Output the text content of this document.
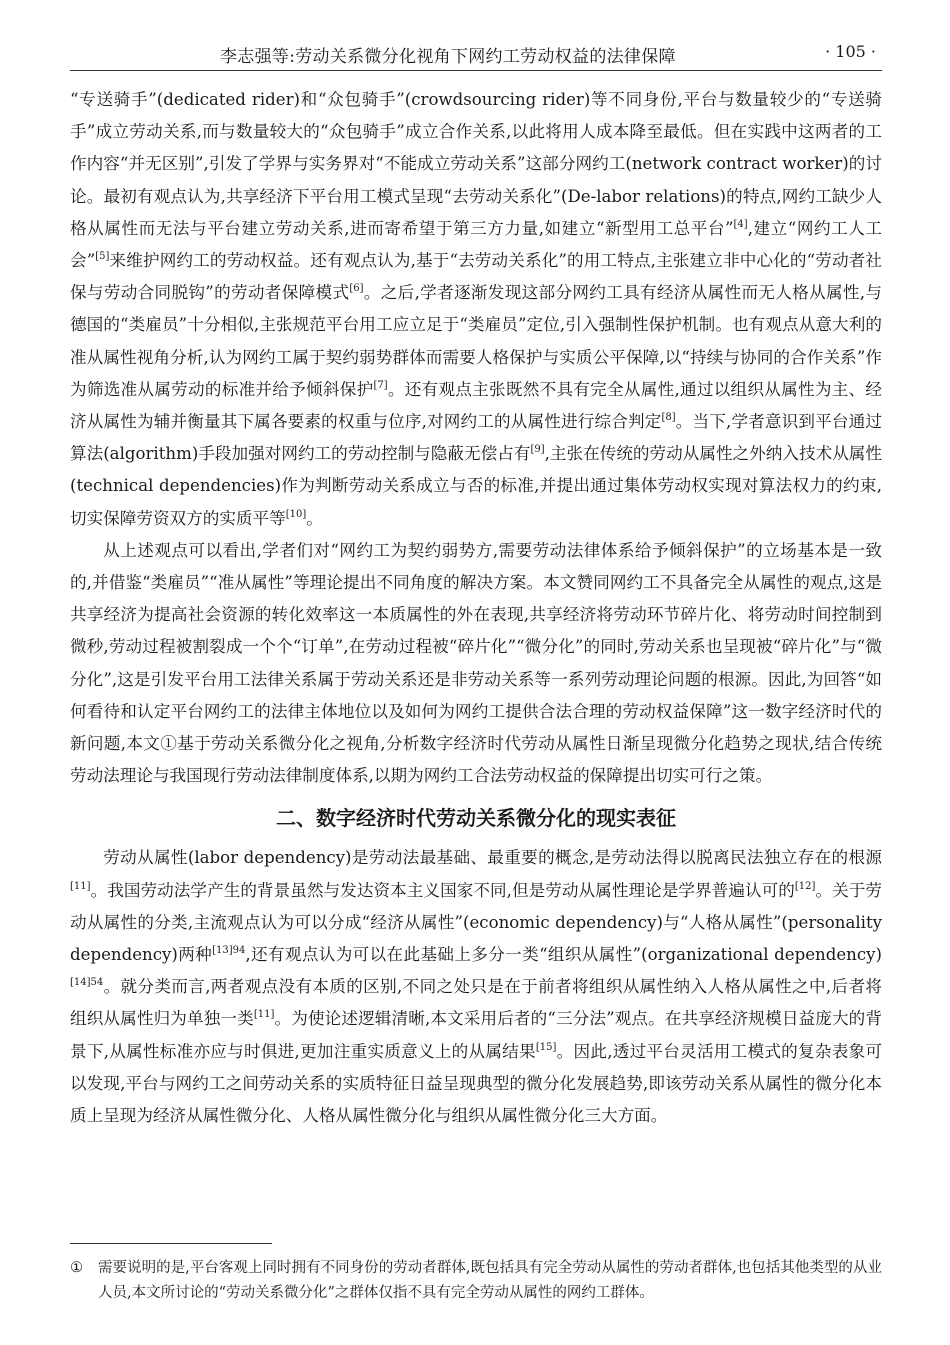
李志强等:劳动关系微分化视角下网约工劳动权益的法律保障	· 105 ·

“专送骑手”(dedicated rider)和“众包骑手”(crowdsourcing rider)等不同身份,平台与数量较少的“专送骑手”成立劳动关系,而与数量较大的“众包骑手”成立合作关系,以此将用人成本降至最低。但在实践中这两者的工作内容“并无区别”,引发了学界与实务界对“不能成立劳动关系”这部分网约工(network contract worker)的讨论。最初有观点认为,共享经济下平台用工模式呈现“去劳动关系化”(De-labor relations)的特点,网约工缺少人格从属性而无法与平台建立劳动关系,进而寄希望于第三方力量,如建立“新型用工总平台”[4],建立“网约工人工会”[5]来维护网约工的劳动权益。还有观点认为,基于“去劳动关系化”的用工特点,主张建立非中心化的“劳动者社保与劳动合同脱钩”的劳动者保障模式[6]。之后,学者逐渐发现这部分网约工具有经济从属性而无人格从属性,与德国的“类雇员”十分相似,主张规范平台用工应立足于“类雇员”定位,引入强制性保护机制。也有观点从意大利的准从属性视角分析,认为网约工属于契约弱势群体而需要人格保护与实质公平保障,以“持续与协同的合作关系”作为筛选准从属劳动的标准并给予倾斜保护[7]。还有观点主张既然不具有完全从属性,通过以组织从属性为主、经济从属性为辅并衡量其下属各要素的权重与位序,对网约工的从属性进行综合判定[8]。当下,学者意识到平台通过算法(algorithm)手段加强对网约工的劳动控制与隐蔽无偿占有[9],主张在传统的劳动从属性之外纳入技术从属性(technical dependencies)作为判断劳动关系成立与否的标准,并提出通过集体劳动权实现对算法权力的约束,切实保障劳资双方的实质平等[10]。

从上述观点可以看出,学者们对“网约工为契约弱势方,需要劳动法律体系给予倾斜保护”的立场基本是一致的,并借鉴“类雇员”“准从属性”等理论提出不同角度的解决方案。本文赞同网约工不具备完全从属性的观点,这是共享经济为提高社会资源的转化效率这一本质属性的外在表现,共享经济将劳动环节碎片化、将劳动时间控制到微秒,劳动过程被割裂成一个个“订单”,在劳动过程被“碎片化”“微分化”的同时,劳动关系也呈现被“碎片化”与“微分化”,这是引发平台用工法律关系属于劳动关系还是非劳动关系等一系列劳动理论问题的根源。因此,为回答“如何看待和认定平台网约工的法律主体地位以及如何为网约工提供合法合理的劳动权益保障”这一数字经济时代的新问题,本文①基于劳动关系微分化之视角,分析数字经济时代劳动从属性日渐呈现微分化趋势之现状,结合传统劳动法理论与我国现行劳动法律制度体系,以期为网约工合法劳动权益的保障提出切实可行之策。

二、数字经济时代劳动关系微分化的现实表征

劳动从属性(labor dependency)是劳动法最基础、最重要的概念,是劳动法得以脱离民法独立存在的根源[11]。我国劳动法学产生的背景虽然与发达资本主义国家不同,但是劳动从属性理论是学界普遍认可的[12]。关于劳动从属性的分类,主流观点认为可以分成“经济从属性”(economic dependency)与“人格从属性”(personality dependency)两种$^{[13]94}$,还有观点认为可以在此基础上多分一类“组织从属性”(organizational dependency)$^{[14]54}$。就分类而言,两者观点没有本质的区别,不同之处只是在于前者将组织从属性纳入人格从属性之中,后者将组织从属性归为单独一类[11]。为使论述逻辑清晰,本文采用后者的“三分法”观点。在共享经济规模日益庞大的背景下,从属性标准亦应与时俱进,更加注重实质意义上的从属结果[15]。因此,透过平台灵活用工模式的复杂表象可以发现,平台与网约工之间劳动关系的实质特征日益呈现典型的微分化发展趋势,即该劳动关系从属性的微分化本质上呈现为经济从属性微分化、人格从属性微分化与组织从属性微分化三大方面。

① 需要说明的是,平台客观上同时拥有不同身份的劳动者群体,既包括具有完全劳动从属性的劳动者群体,也包括其他类型的从业人员,本文所讨论的“劳动关系微分化”之群体仅指不具有完全劳动从属性的网约工群体。
